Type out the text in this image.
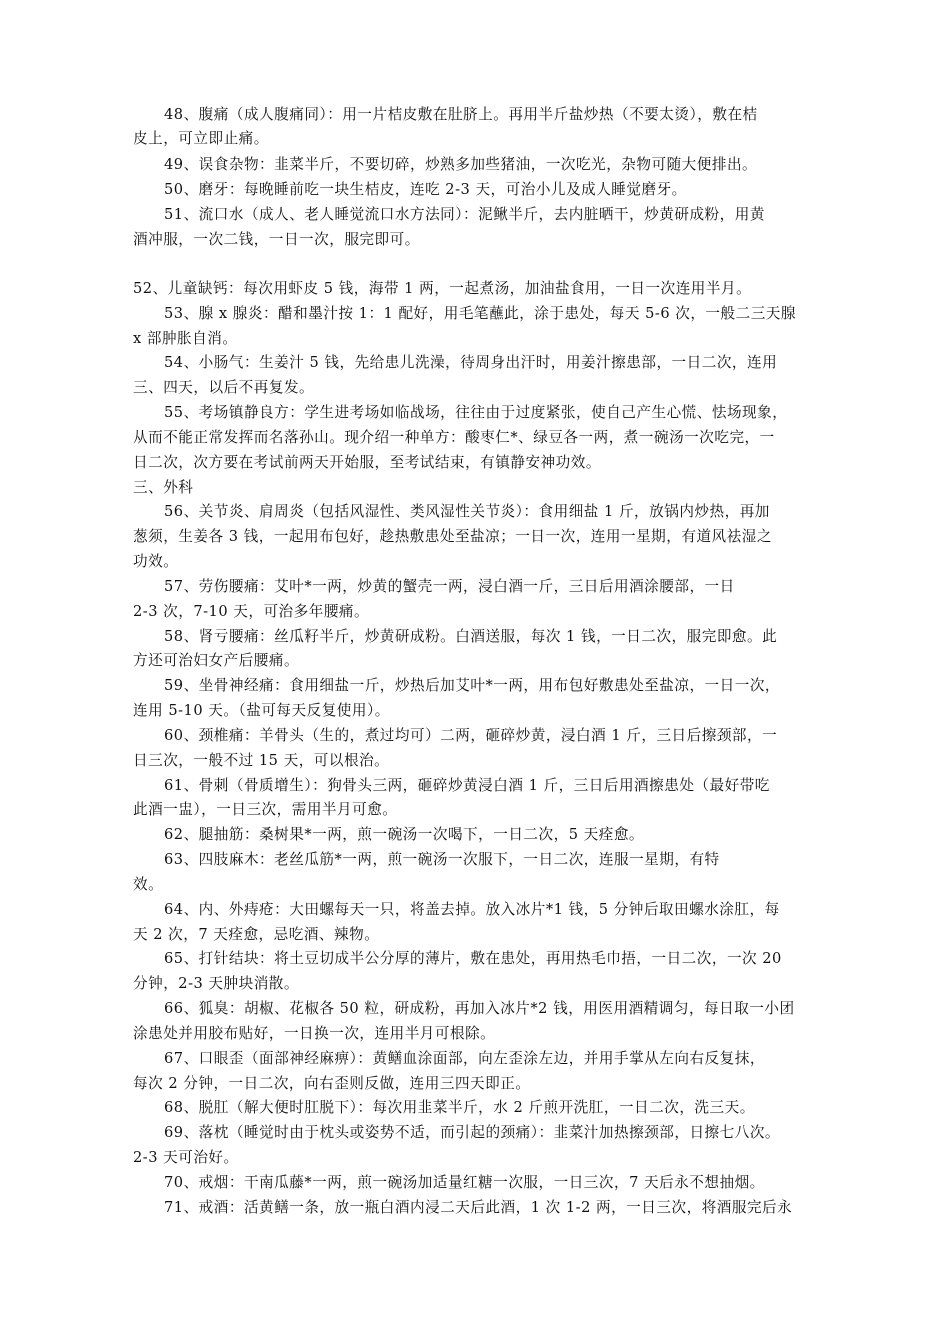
48、腹痛（成人腹痛同）：用一片桔皮敷在肚脐上。再用半斤盐炒热（不要太烫），敷在桔
皮上，可立即止痛。
49、误食杂物：韭菜半斤，不要切碎，炒熟多加些猪油，一次吃光，杂物可随大便排出。
50、磨牙：每晚睡前吃一块生桔皮，连吃 2-3 天，可治小儿及成人睡觉磨牙。
51、流口水（成人、老人睡觉流口水方法同）：泥鳅半斤，去内脏晒干，炒黄研成粉，用黄
酒冲服，一次二钱，一日一次，服完即可。
52、儿童缺钙：每次用虾皮 5 钱，海带 1 两，一起煮汤，加油盐食用，一日一次连用半月。
53、腺 x 腺炎：醋和墨汁按 1：1 配好，用毛笔蘸此，涂于患处，每天 5-6 次，一般二三天腺
x 部肿胀自消。
54、小肠气：生姜汁 5 钱，先给患儿洗澡，待周身出汗时，用姜汁擦患部，一日二次，连用
三、四天，以后不再复发。
55、考场镇静良方：学生进考场如临战场，往往由于过度紧张，使自己产生心慌、怯场现象，
从而不能正常发挥而名落孙山。现介绍一种单方：酸枣仁*、绿豆各一两，煮一碗汤一次吃完，一
日二次，次方要在考试前两天开始服，至考试结束，有镇静安神功效。
三、外科
56、关节炎、肩周炎（包括风湿性、类风湿性关节炎）：食用细盐 1 斤，放锅内炒热，再加
葱须，生姜各 3 钱，一起用布包好，趁热敷患处至盐凉；一日一次，连用一星期，有道风祛湿之
功效。
57、劳伤腰痛：艾叶*一两，炒黄的蟹壳一两，浸白酒一斤，三日后用酒涂腰部，一日
2-3 次，7-10 天，可治多年腰痛。
58、肾亏腰痛：丝瓜籽半斤，炒黄研成粉。白酒送服，每次 1 钱，一日二次，服完即愈。此
方还可治妇女产后腰痛。
59、坐骨神经痛：食用细盐一斤，炒热后加艾叶*一两，用布包好敷患处至盐凉，一日一次，
连用 5-10 天。（盐可每天反复使用）。
60、颈椎痛：羊骨头（生的，煮过均可）二两，砸碎炒黄，浸白酒 1 斤，三日后擦颈部，一
日三次，一般不过 15 天，可以根治。
61、骨刺（骨质增生）：狗骨头三两，砸碎炒黄浸白酒 1 斤，三日后用酒擦患处（最好带吃
此酒一盅），一日三次，需用半月可愈。
62、腿抽筋：桑树果*一两，煎一碗汤一次喝下，一日二次，5 天痊愈。
63、四肢麻木：老丝瓜筋*一两，煎一碗汤一次服下，一日二次，连服一星期，有特
效。
64、内、外痔疮：大田螺每天一只，将盖去掉。放入冰片*1 钱，5 分钟后取田螺水涂肛，每
天 2 次，7 天痊愈，忌吃酒、辣物。
65、打针结块：将土豆切成半公分厚的薄片，敷在患处，再用热毛巾捂，一日二次，一次 20
分钟，2-3 天肿块消散。
66、狐臭：胡椒、花椒各 50 粒，研成粉，再加入冰片*2 钱，用医用酒精调匀，每日取一小团
涂患处并用胶布贴好，一日换一次，连用半月可根除。
67、口眼歪（面部神经麻痹）：黄鳝血涂面部，向左歪涂左边，并用手掌从左向右反复抹，
每次 2 分钟，一日二次，向右歪则反做，连用三四天即正。
68、脱肛（解大便时肛脱下）：每次用韭菜半斤，水 2 斤煎开洗肛，一日二次，洗三天。
69、落枕（睡觉时由于枕头或姿势不适，而引起的颈痛）：韭菜汁加热擦颈部，日擦七八次。
2-3 天可治好。
70、戒烟：干南瓜藤*一两，煎一碗汤加适量红糖一次服，一日三次，7 天后永不想抽烟。
71、戒酒：活黄鳝一条，放一瓶白酒内浸二天后此酒，1 次 1-2 两，一日三次，将酒服完后永
